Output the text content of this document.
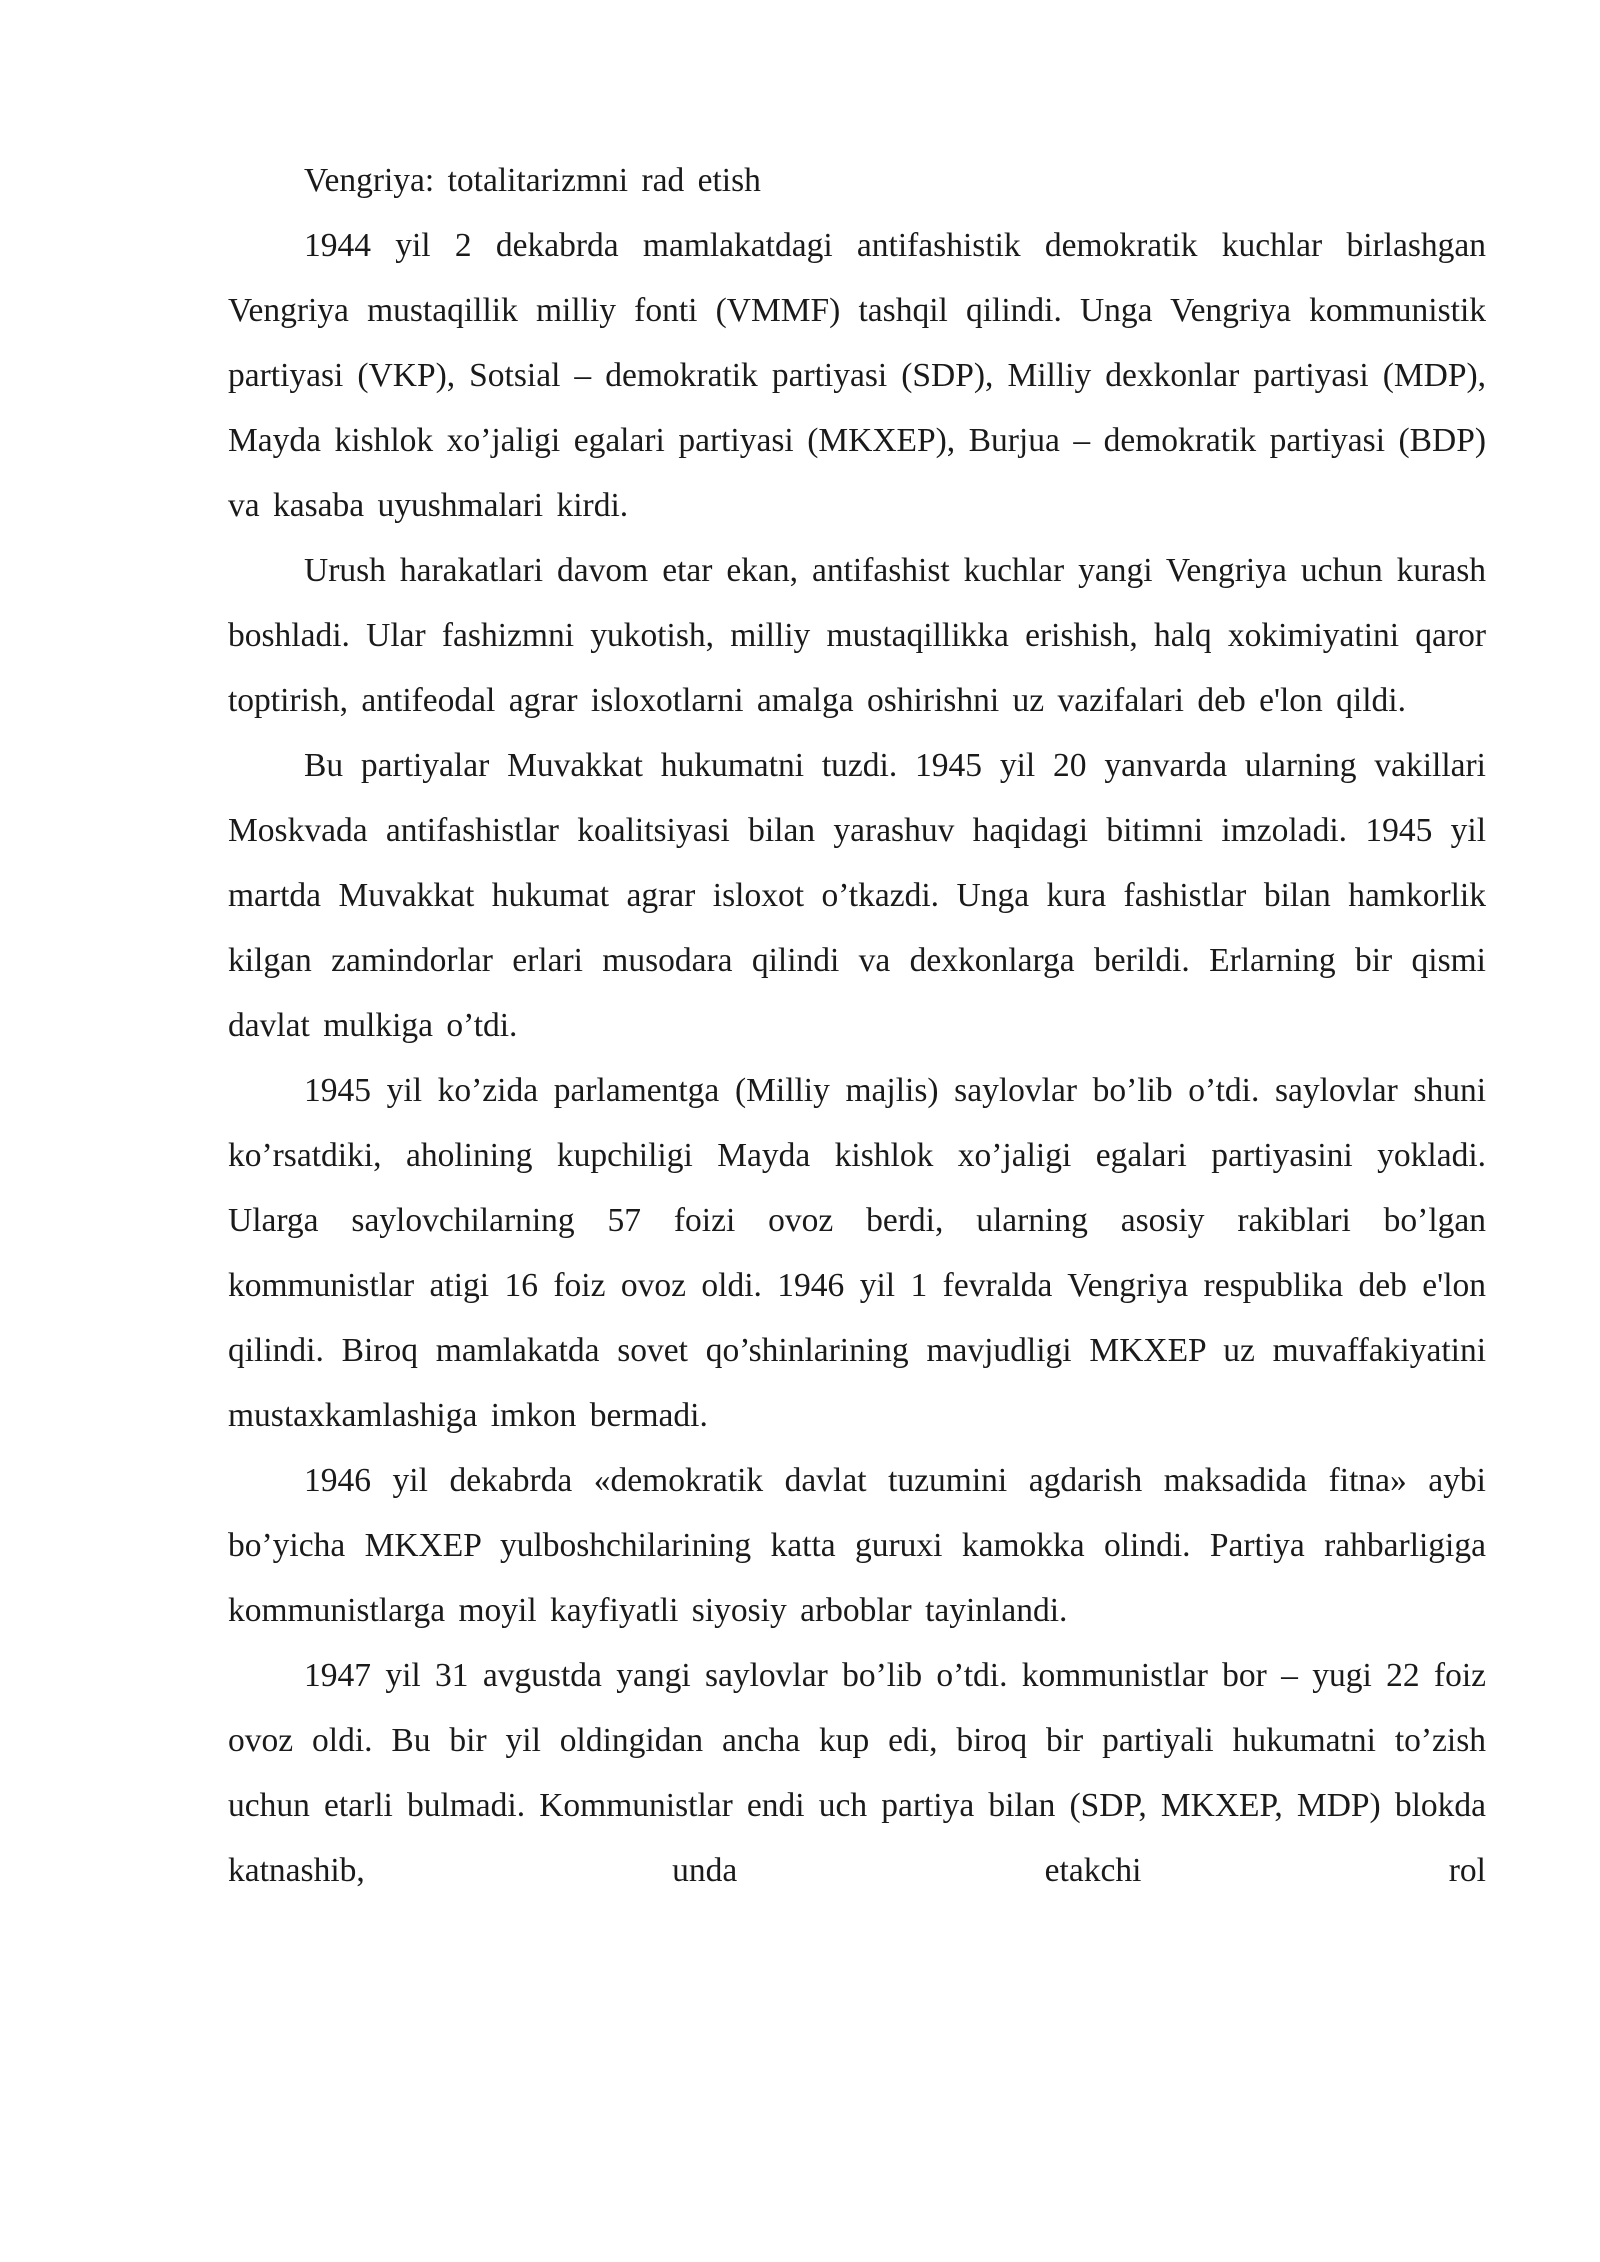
Vengriya: totalitarizmni rad etish

1944 yil 2 dekabrda mamlakatdagi antifashistik demokratik kuchlar birlashgan Vengriya mustaqillik milliy fonti (VMMF) tashqil qilindi. Unga Vengriya kommunistik partiyasi (VKP), Sotsial – demokratik partiyasi (SDP), Milliy dexkonlar partiyasi (MDP), Mayda kishlok xo’jaligi egalari partiyasi (MKXEP), Burjua – demokratik partiyasi (BDP) va kasaba uyushmalari kirdi.

Urush harakatlari davom etar ekan, antifashist kuchlar yangi Vengriya uchun kurash boshladi. Ular fashizmni yukotish, milliy mustaqillikka erishish, halq xokimiyatini qaror toptirish, antifeodal agrar isloxotlarni amalga oshirishni uz vazifalari deb e'lon qildi.

Bu partiyalar Muvakkat hukumatni tuzdi. 1945 yil 20 yanvarda ularning vakillari Moskvada antifashistlar koalitsiyasi bilan yarashuv haqidagi bitimni imzoladi. 1945 yil martda Muvakkat hukumat agrar isloxot o’tkazdi. Unga kura fashistlar bilan hamkorlik kilgan zamindorlar erlari musodara qilindi va dexkonlarga berildi. Erlarning bir qismi davlat mulkiga o’tdi.

1945 yil ko’zida parlamentga (Milliy majlis) saylovlar bo’lib o’tdi. saylovlar shuni ko’rsatdiki, aholining kupchiligi Mayda kishlok xo’jaligi egalari partiyasini yokladi. Ularga saylovchilarning 57 foizi ovoz berdi, ularning asosiy rakiblari bo’lgan kommunistlar atigi 16 foiz ovoz oldi. 1946 yil 1 fevralda Vengriya respublika deb e'lon qilindi. Biroq mamlakatda sovet qo’shinlarining mavjudligi MKXEP uz muvaffakiyatini mustaxkamlashiga imkon bermadi.

1946 yil dekabrda «demokratik davlat tuzumini agdarish maksadida fitna» aybi bo’yicha MKXEP yulboshchilarining katta guruxi kamokka olindi. Partiya rahbarligiga kommunistlarga moyil kayfiyatli siyosiy arboblar tayinlandi.

1947 yil 31 avgustda yangi saylovlar bo’lib o’tdi. kommunistlar bor – yugi 22 foiz ovoz oldi. Bu bir yil oldingidan ancha kup edi, biroq bir partiyali hukumatni to’zish uchun etarli bulmadi. Kommunistlar endi uch partiya bilan (SDP, MKXEP, MDP) blokda katnashib, unda etakchi rol
